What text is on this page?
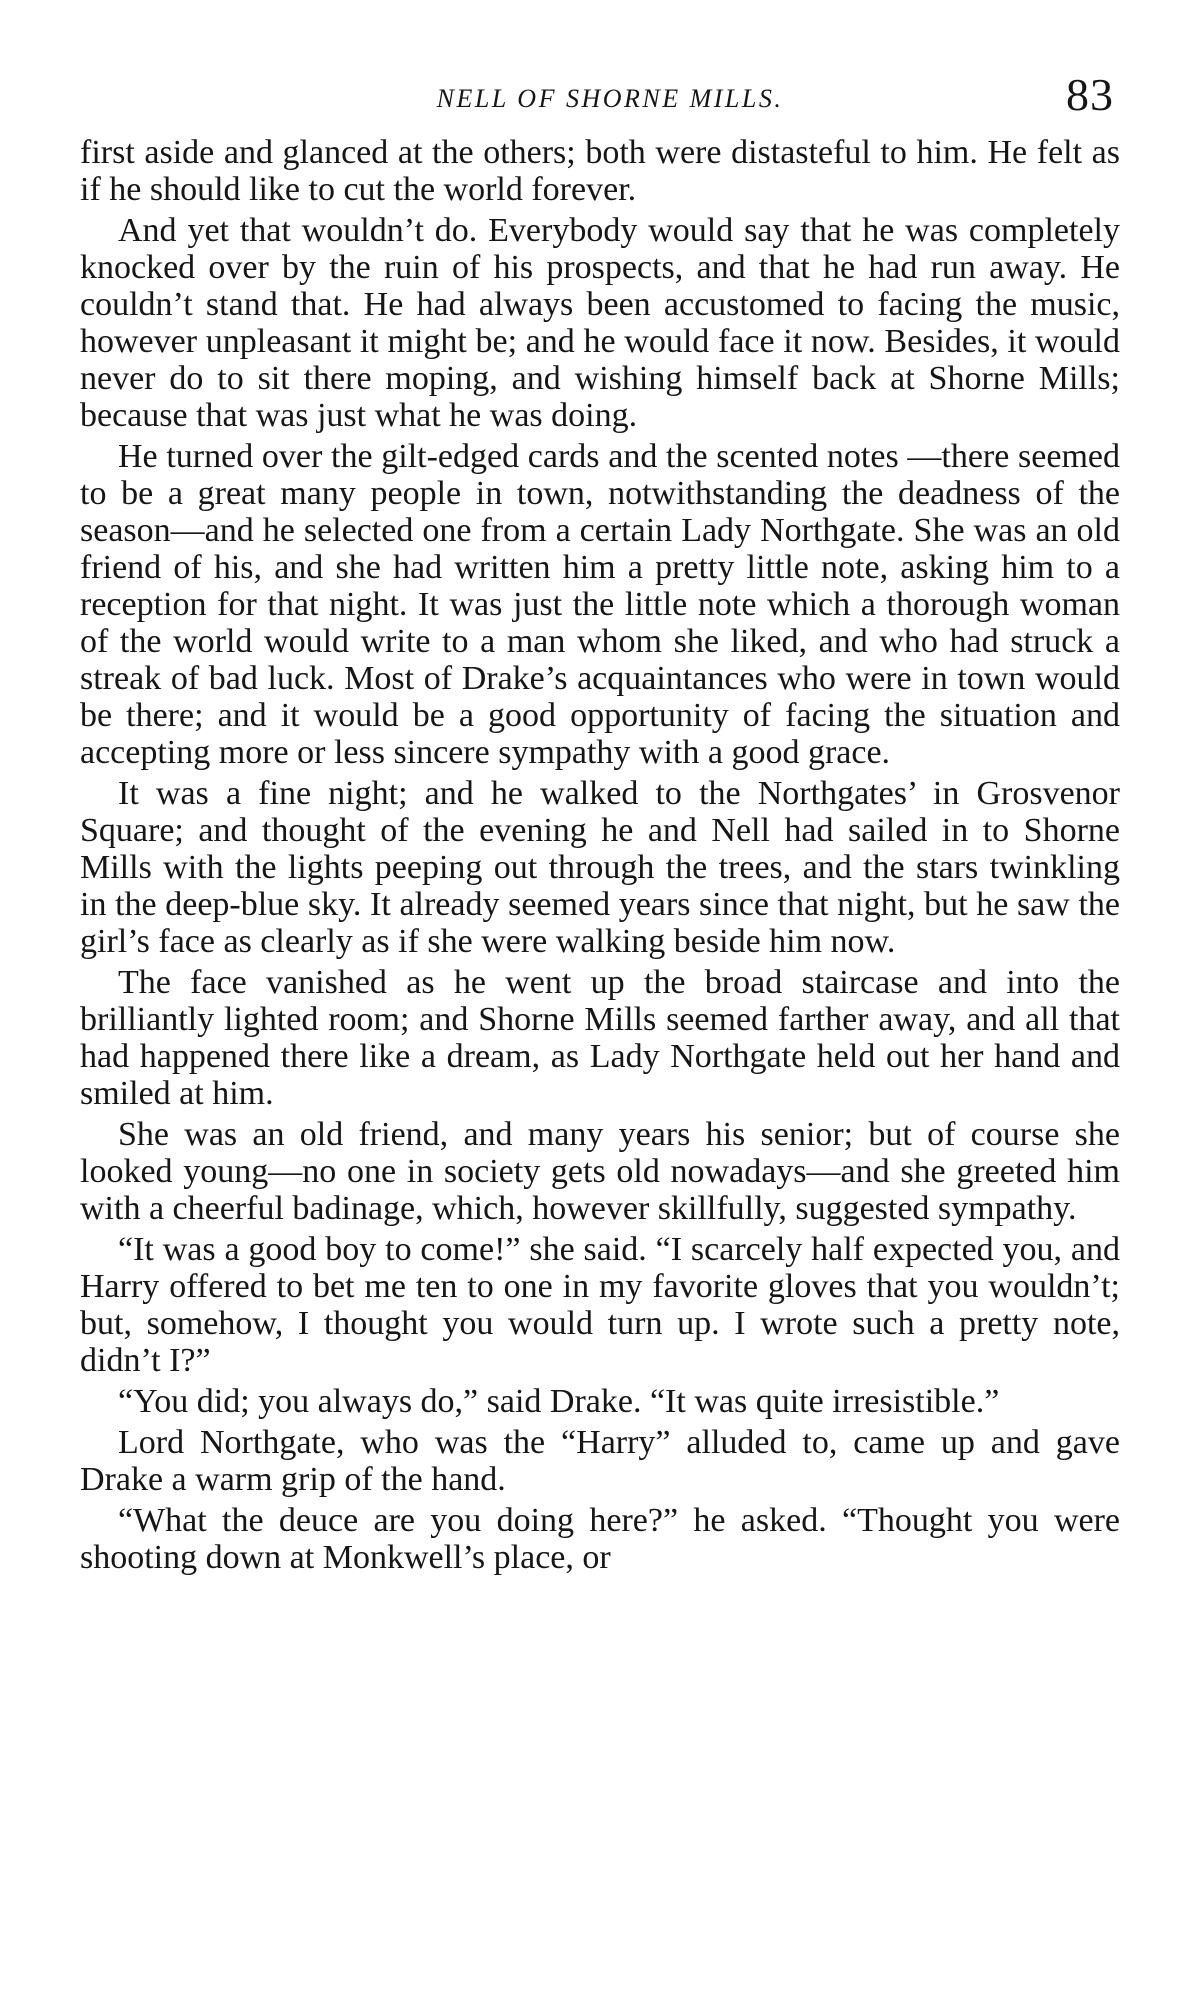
NELL OF SHORNE MILLS.	83

first aside and glanced at the others; both were distasteful to him. He felt as if he should like to cut the world forever.

And yet that wouldn’t do. Everybody would say that he was completely knocked over by the ruin of his prospects, and that he had run away. He couldn’t stand that. He had always been accustomed to facing the music, however unpleasant it might be; and he would face it now. Besides, it would never do to sit there moping, and wishing himself back at Shorne Mills; because that was just what he was doing.

He turned over the gilt-edged cards and the scented notes —there seemed to be a great many people in town, notwithstanding the deadness of the season—and he selected one from a certain Lady Northgate. She was an old friend of his, and she had written him a pretty little note, asking him to a reception for that night. It was just the little note which a thorough woman of the world would write to a man whom she liked, and who had struck a streak of bad luck. Most of Drake’s acquaintances who were in town would be there; and it would be a good opportunity of facing the situation and accepting more or less sincere sympathy with a good grace.

It was a fine night; and he walked to the Northgates’ in Grosvenor Square; and thought of the evening he and Nell had sailed in to Shorne Mills with the lights peeping out through the trees, and the stars twinkling in the deep-blue sky. It already seemed years since that night, but he saw the girl’s face as clearly as if she were walking beside him now.

The face vanished as he went up the broad staircase and into the brilliantly lighted room; and Shorne Mills seemed farther away, and all that had happened there like a dream, as Lady Northgate held out her hand and smiled at him.

She was an old friend, and many years his senior; but of course she looked young—no one in society gets old nowadays—and she greeted him with a cheerful badinage, which, however skillfully, suggested sympathy.

“It was a good boy to come!” she said. “I scarcely half expected you, and Harry offered to bet me ten to one in my favorite gloves that you wouldn’t; but, somehow, I thought you would turn up. I wrote such a pretty note, didn’t I?”

“You did; you always do,” said Drake. “It was quite irresistible.”

Lord Northgate, who was the “Harry” alluded to, came up and gave Drake a warm grip of the hand.

“What the deuce are you doing here?” he asked. “Thought you were shooting down at Monkwell’s place, or
